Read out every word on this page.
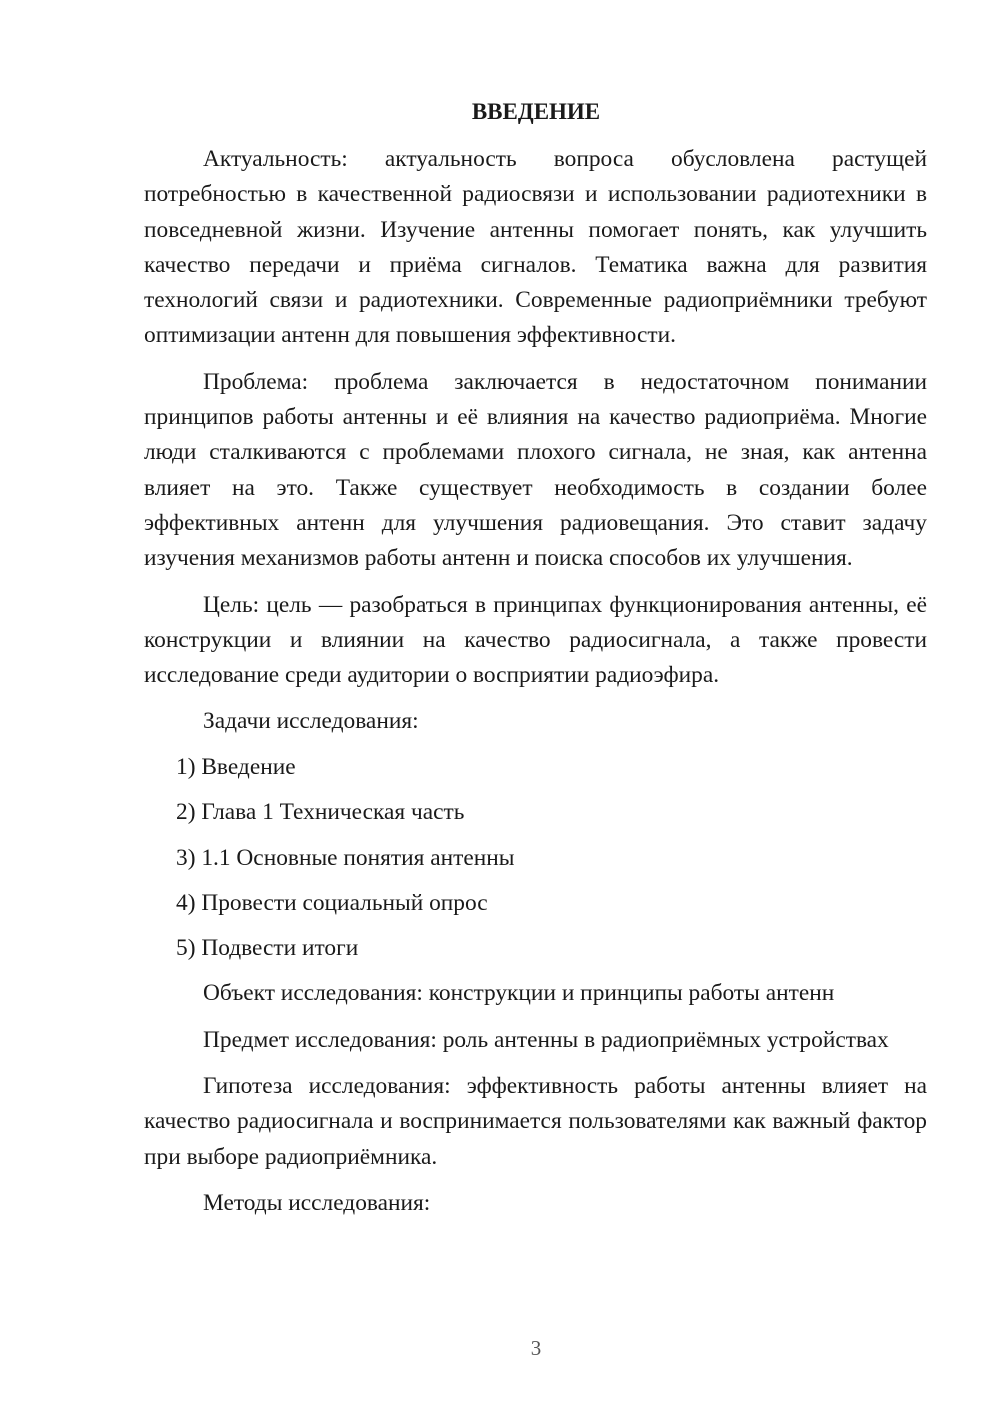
ВВЕДЕНИЕ

Актуальность: актуальность вопроса обусловлена растущей потребностью в качественной радиосвязи и использовании радиотехники в повседневной жизни. Изучение антенны помогает понять, как улучшить качество передачи и приёма сигналов. Тематика важна для развития технологий связи и радиотехники. Современные радиоприёмники требуют оптимизации антенн для повышения эффективности.

Проблема: проблема заключается в недостаточном понимании принципов работы антенны и её влияния на качество радиоприёма. Многие люди сталкиваются с проблемами плохого сигнала, не зная, как антенна влияет на это. Также существует необходимость в создании более эффективных антенн для улучшения радиовещания. Это ставит задачу изучения механизмов работы антенн и поиска способов их улучшения.

Цель: цель — разобраться в принципах функционирования антенны, её конструкции и влиянии на качество радиосигнала, а также провести исследование среди аудитории о восприятии радиоэфира.

Задачи исследования:

1) Введение
2) Глава 1 Техническая часть
3) 1.1 Основные понятия антенны
4) Провести социальный опрос
5) Подвести итоги

Объект исследования: конструкции и принципы работы антенн

Предмет исследования: роль антенны в радиоприёмных устройствах

Гипотеза исследования: эффективность работы антенны влияет на качество радиосигнала и воспринимается пользователями как важный фактор при выборе радиоприёмника.

Методы исследования:

3
